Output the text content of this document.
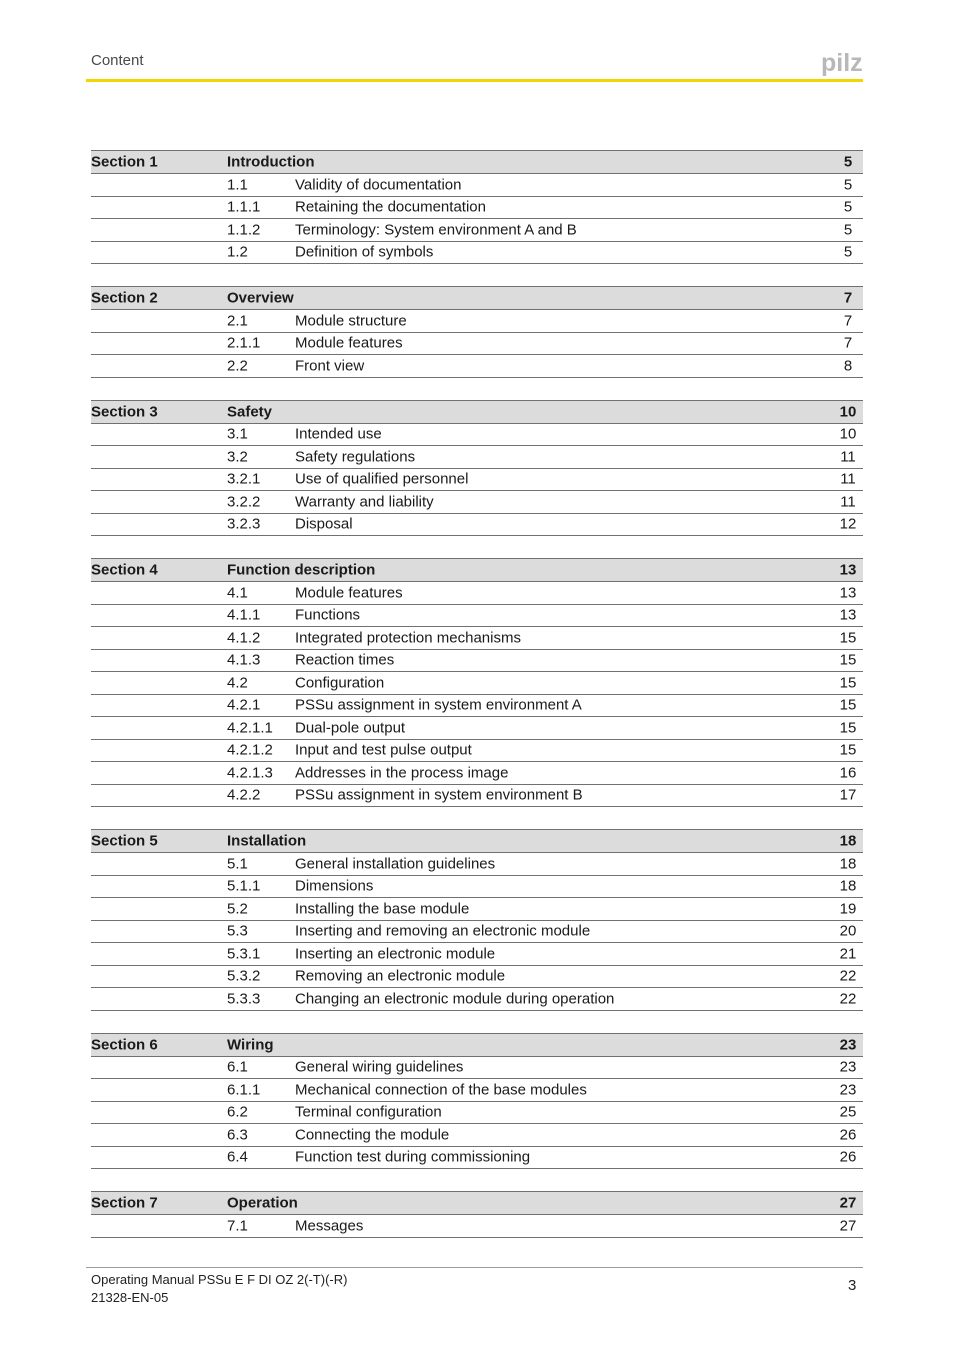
Content	pilz
Section 1	Introduction	5
1.1	Validity of documentation	5
1.1.1 Retaining the documentation	5
1.1.2 Terminology: System environment A and B	5
1.2	Definition of symbols	5
Section 2	Overview	7
2.1	Module structure	7
2.1.1 Module features	7
2.2	Front view	8
Section 3	Safety	10
3.1	Intended use	10
3.2	Safety regulations	11
3.2.1 Use of qualified personnel	11
3.2.2 Warranty and liability	11
3.2.3 Disposal	12
Section 4	Function description	13
4.1	Module features	13
4.1.1 Functions	13
4.1.2 Integrated protection mechanisms	15
4.1.3 Reaction times	15
4.2	Configuration	15
4.2.1 PSSu assignment in system environment A	15
4.2.1.1 Dual-pole output	15
4.2.1.2 Input and test pulse output	15
4.2.1.3 Addresses in the process image	16
4.2.2 PSSu assignment in system environment B	17
Section 5	Installation	18
5.1	General installation guidelines	18
5.1.1 Dimensions	18
5.2	Installing the base module	19
5.3	Inserting and removing an electronic module	20
5.3.1 Inserting an electronic module	21
5.3.2 Removing an electronic module	22
5.3.3 Changing an electronic module during operation	22
Section 6	Wiring	23
6.1	General wiring guidelines	23
6.1.1 Mechanical connection of the base modules	23
6.2	Terminal configuration	25
6.3	Connecting the module	26
6.4	Function test during commissioning	26
Section 7	Operation	27
7.1	Messages	27
Operating Manual PSSu E F DI OZ 2(-T)(-R)
21328-EN-05
3
